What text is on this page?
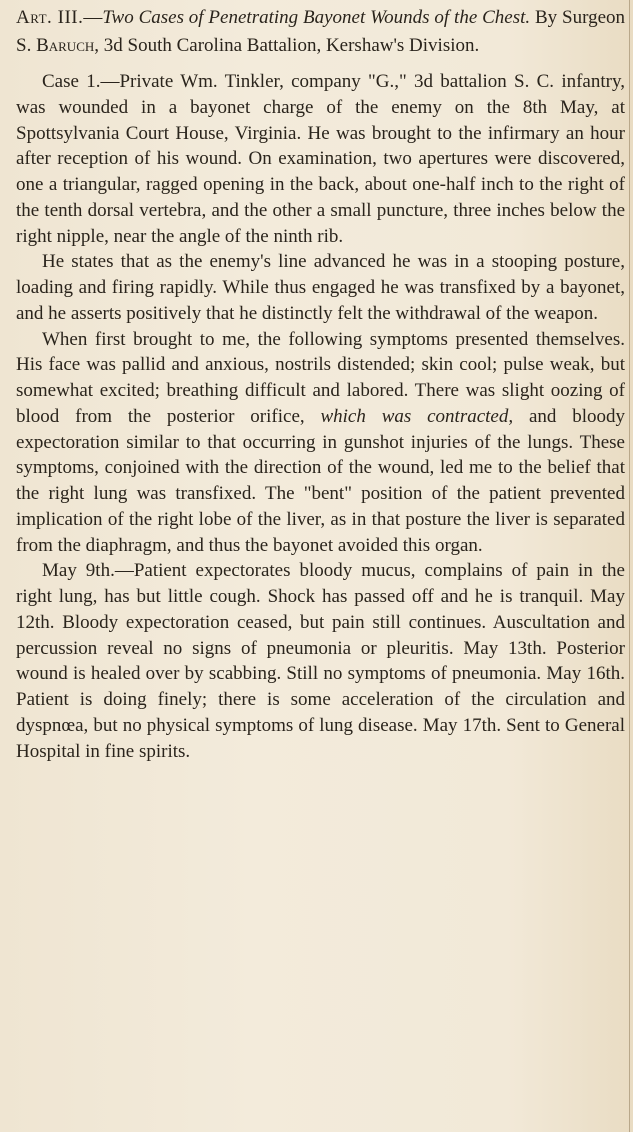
Art. III.—Two Cases of Penetrating Bayonet Wounds of the Chest. By Surgeon S. Baruch, 3d South Carolina Battalion, Kershaw's Division.

Case 1.—Private Wm. Tinkler, company "G.," 3d battalion S. C. infantry, was wounded in a bayonet charge of the enemy on the 8th May, at Spottsylvania Court House, Virginia. He was brought to the infirmary an hour after reception of his wound. On examination, two apertures were discovered, one a triangular, ragged opening in the back, about one-half inch to the right of the tenth dorsal vertebra, and the other a small puncture, three inches below the right nipple, near the angle of the ninth rib.

He states that as the enemy's line advanced he was in a stooping posture, loading and firing rapidly. While thus engaged he was transfixed by a bayonet, and he asserts positively that he distinctly felt the withdrawal of the weapon.

When first brought to me, the following symptoms presented themselves. His face was pallid and anxious, nostrils distended; skin cool; pulse weak, but somewhat excited; breathing difficult and labored. There was slight oozing of blood from the posterior orifice, which was contracted, and bloody expectoration similar to that occurring in gunshot injuries of the lungs. These symptoms, conjoined with the direction of the wound, led me to the belief that the right lung was transfixed. The "bent" position of the patient prevented implication of the right lobe of the liver, as in that posture the liver is separated from the diaphragm, and thus the bayonet avoided this organ.

May 9th.—Patient expectorates bloody mucus, complains of pain in the right lung, has but little cough. Shock has passed off and he is tranquil. May 12th. Bloody expectoration ceased, but pain still continues. Auscultation and percussion reveal no signs of pneumonia or pleuritis. May 13th. Posterior wound is healed over by scabbing. Still no symptoms of pneumonia. May 16th. Patient is doing finely; there is some acceleration of the circulation and dyspnœa, but no physical symptoms of lung disease. May 17th. Sent to General Hospital in fine spirits.
